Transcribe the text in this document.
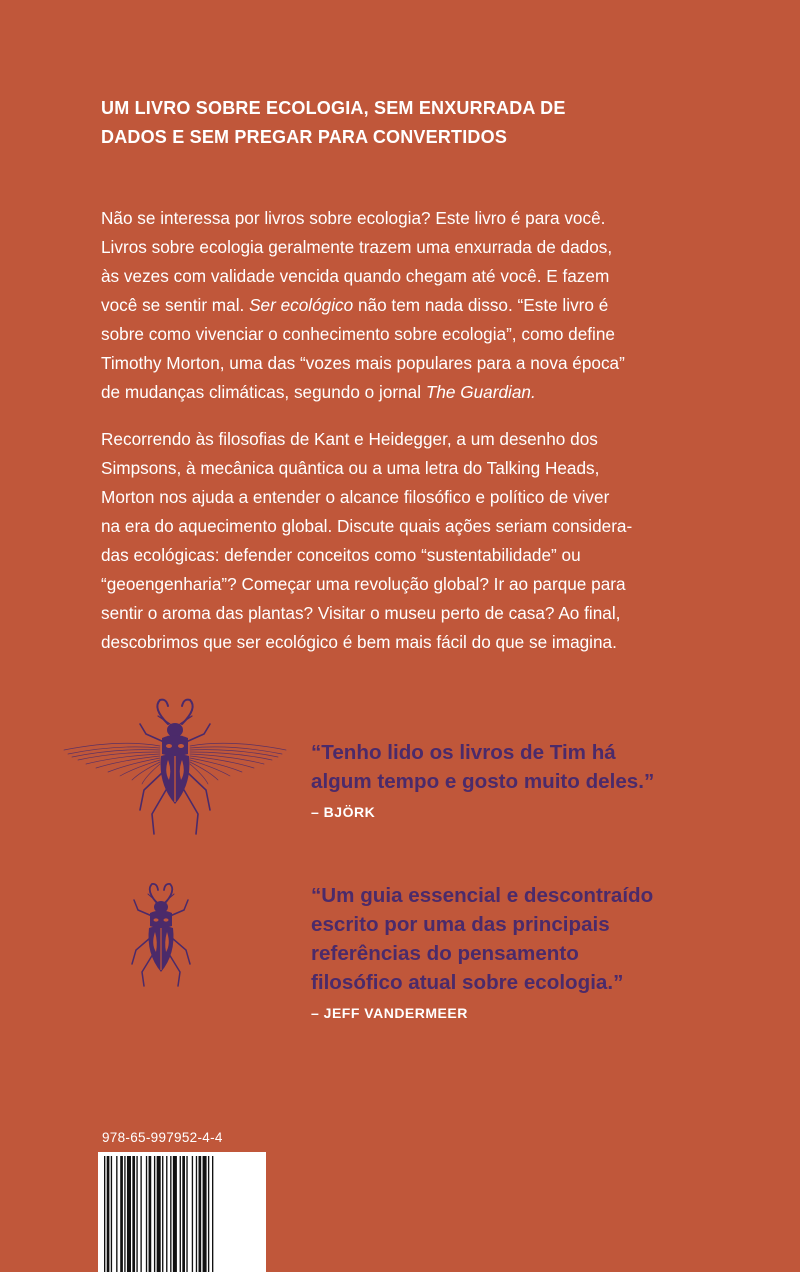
UM LIVRO SOBRE ECOLOGIA, SEM ENXURRADA DE
DADOS E SEM PREGAR PARA CONVERTIDOS

Não se interessa por livros sobre ecologia? Este livro é para você.
Livros sobre ecologia geralmente trazem uma enxurrada de dados,
às vezes com validade vencida quando chegam até você. E fazem
você se sentir mal. Ser ecológico não tem nada disso. “Este livro é
sobre como vivenciar o conhecimento sobre ecologia”, como define
Timothy Morton, uma das “vozes mais populares para a nova época”
de mudanças climáticas, segundo o jornal The Guardian.

Recorrendo às filosofias de Kant e Heidegger, a um desenho dos
Simpsons, à mecânica quântica ou a uma letra do Talking Heads,
Morton nos ajuda a entender o alcance filosófico e político de viver
na era do aquecimento global. Discute quais ações seriam considera-
das ecológicas: defender conceitos como “sustentabilidade” ou
“geoengenharia”? Começar uma revolução global? Ir ao parque para
sentir o aroma das plantas? Visitar o museu perto de casa? Ao final,
descobrimos que ser ecológico é bem mais fácil do que se imagina.

“Tenho lido os livros de Tim há
algum tempo e gosto muito deles.”

– BJÖRK

“Um guia essencial e descontraído
escrito por uma das principais
referências do pensamento
filosófico atual sobre ecologia.”

– JEFF VANDERMEER
978-65-997952-4-4
